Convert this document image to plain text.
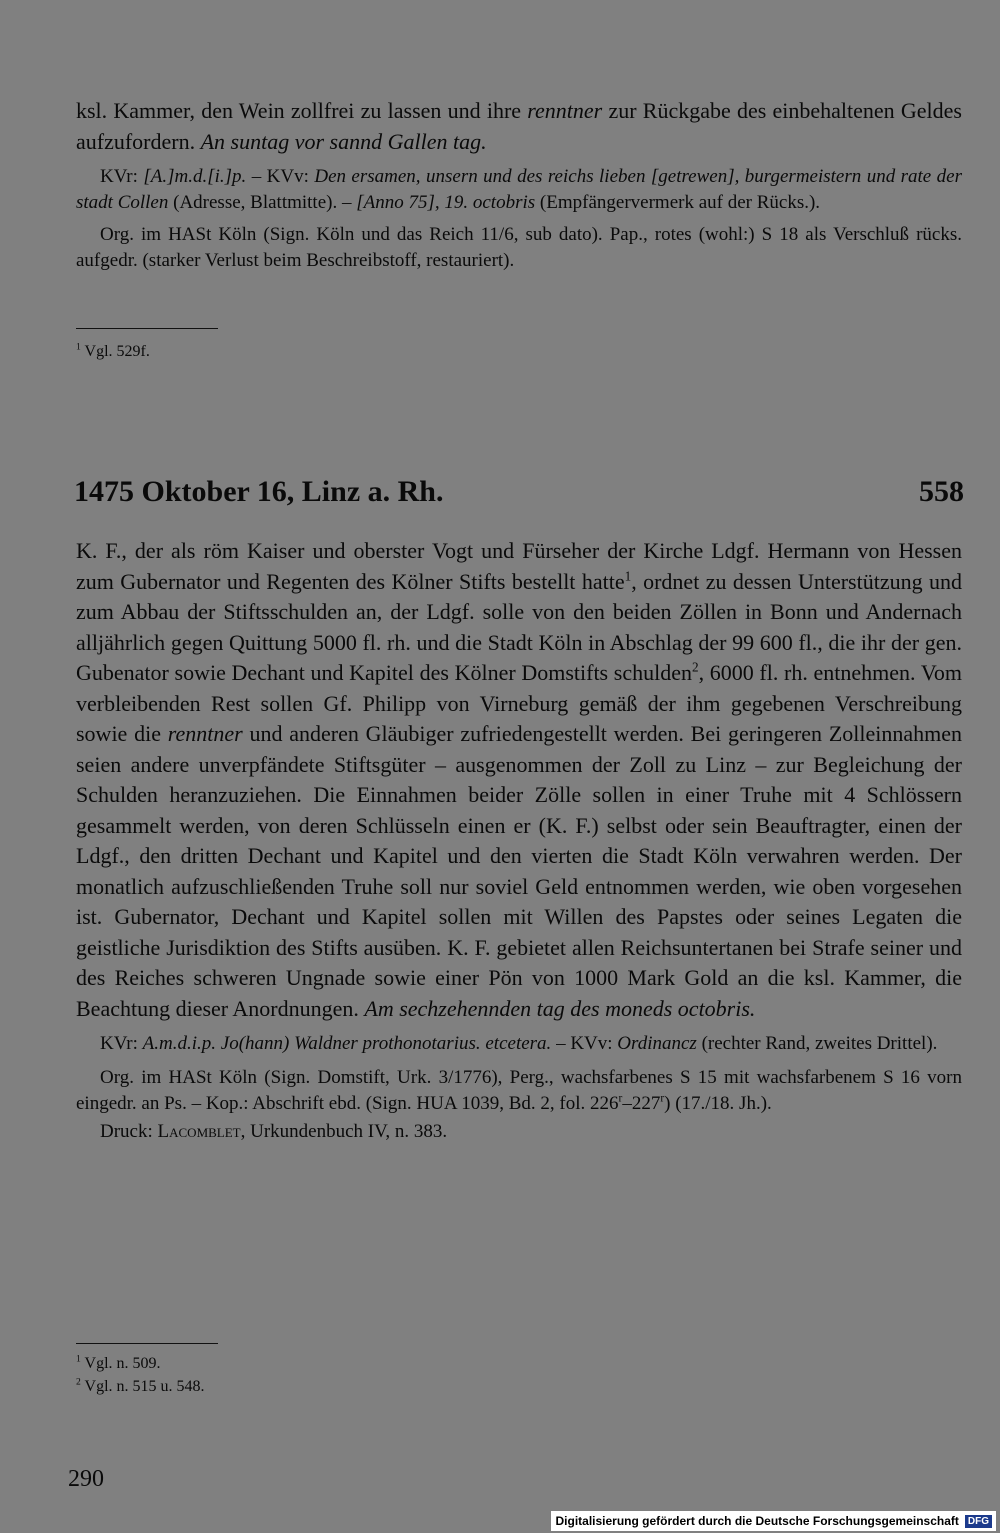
ksl. Kammer, den Wein zollfrei zu lassen und ihre renntner zur Rückgabe des einbehaltenen Geldes aufzufordern. An suntag vor sannd Gallen tag.

KVr: [A.]m.d.[i.]p. – KVv: Den ersamen, unsern und des reichs lieben [getrewen], burgermeistern und rate der stadt Collen (Adresse, Blattmitte). – [Anno 75], 19. octobris (Empfängervermerk auf der Rücks.).

Org. im HASt Köln (Sign. Köln und das Reich 11/6, sub dato). Pap., rotes (wohl:) S 18 als Verschluß rücks. aufgedr. (starker Verlust beim Beschreibstoff, restauriert).

$^1$ Vgl. 529f.
1475 Oktober 16, Linz a. Rh.	558

K. F., der als röm Kaiser und oberster Vogt und Fürseher der Kirche Ldgf. Hermann von Hessen zum Gubernator und Regenten des Kölner Stifts bestellt hatte$^1$, ordnet zu dessen Unterstützung und zum Abbau der Stiftsschulden an, der Ldgf. solle von den beiden Zöllen in Bonn und Andernach alljährlich gegen Quittung 5000 fl. rh. und die Stadt Köln in Abschlag der 99 600 fl., die ihr der gen. Gubenator sowie Dechant und Kapitel des Kölner Domstifts schulden$^2$, 6000 fl. rh. entnehmen. Vom verbleibenden Rest sollen Gf. Philipp von Virneburg gemäß der ihm gegebenen Verschreibung sowie die renntner und anderen Gläubiger zufriedengestellt werden. Bei geringeren Zolleinnahmen seien andere unverpfändete Stiftsgüter – ausgenommen der Zoll zu Linz – zur Begleichung der Schulden heranzuziehen. Die Einnahmen beider Zölle sollen in einer Truhe mit 4 Schlössern gesammelt werden, von deren Schlüsseln einen er (K. F.) selbst oder sein Beauftragter, einen der Ldgf., den dritten Dechant und Kapitel und den vierten die Stadt Köln verwahren werden. Der monatlich aufzuschließenden Truhe soll nur soviel Geld entnommen werden, wie oben vorgesehen ist. Gubernator, Dechant und Kapitel sollen mit Willen des Papstes oder seines Legaten die geistliche Jurisdiktion des Stifts ausüben. K. F. gebietet allen Reichsuntertanen bei Strafe seiner und des Reiches schweren Ungnade sowie einer Pön von 1000 Mark Gold an die ksl. Kammer, die Beachtung dieser Anordnungen. Am sechzehennden tag des moneds octobris.

KVr: A.m.d.i.p. Jo(hann) Waldner prothonotarius. etcetera. – KVv: Ordinancz (rechter Rand, zweites Drittel).

Org. im HASt Köln (Sign. Domstift, Urk. 3/1776), Perg., wachsfarbenes S 15 mit wachsfarbenem S 16 vorn eingedr. an Ps. – Kop.: Abschrift ebd. (Sign. HUA 1039, Bd. 2, fol. 226$^r$–227$^r$) (17./18. Jh.).

Druck: Lacomblet, Urkundenbuch IV, n. 383.

$^1$ Vgl. n. 509.
$^2$ Vgl. n. 515 u. 548.
290
Digitalisierung gefördert durch die Deutsche Forschungsgemeinschaft DFG
